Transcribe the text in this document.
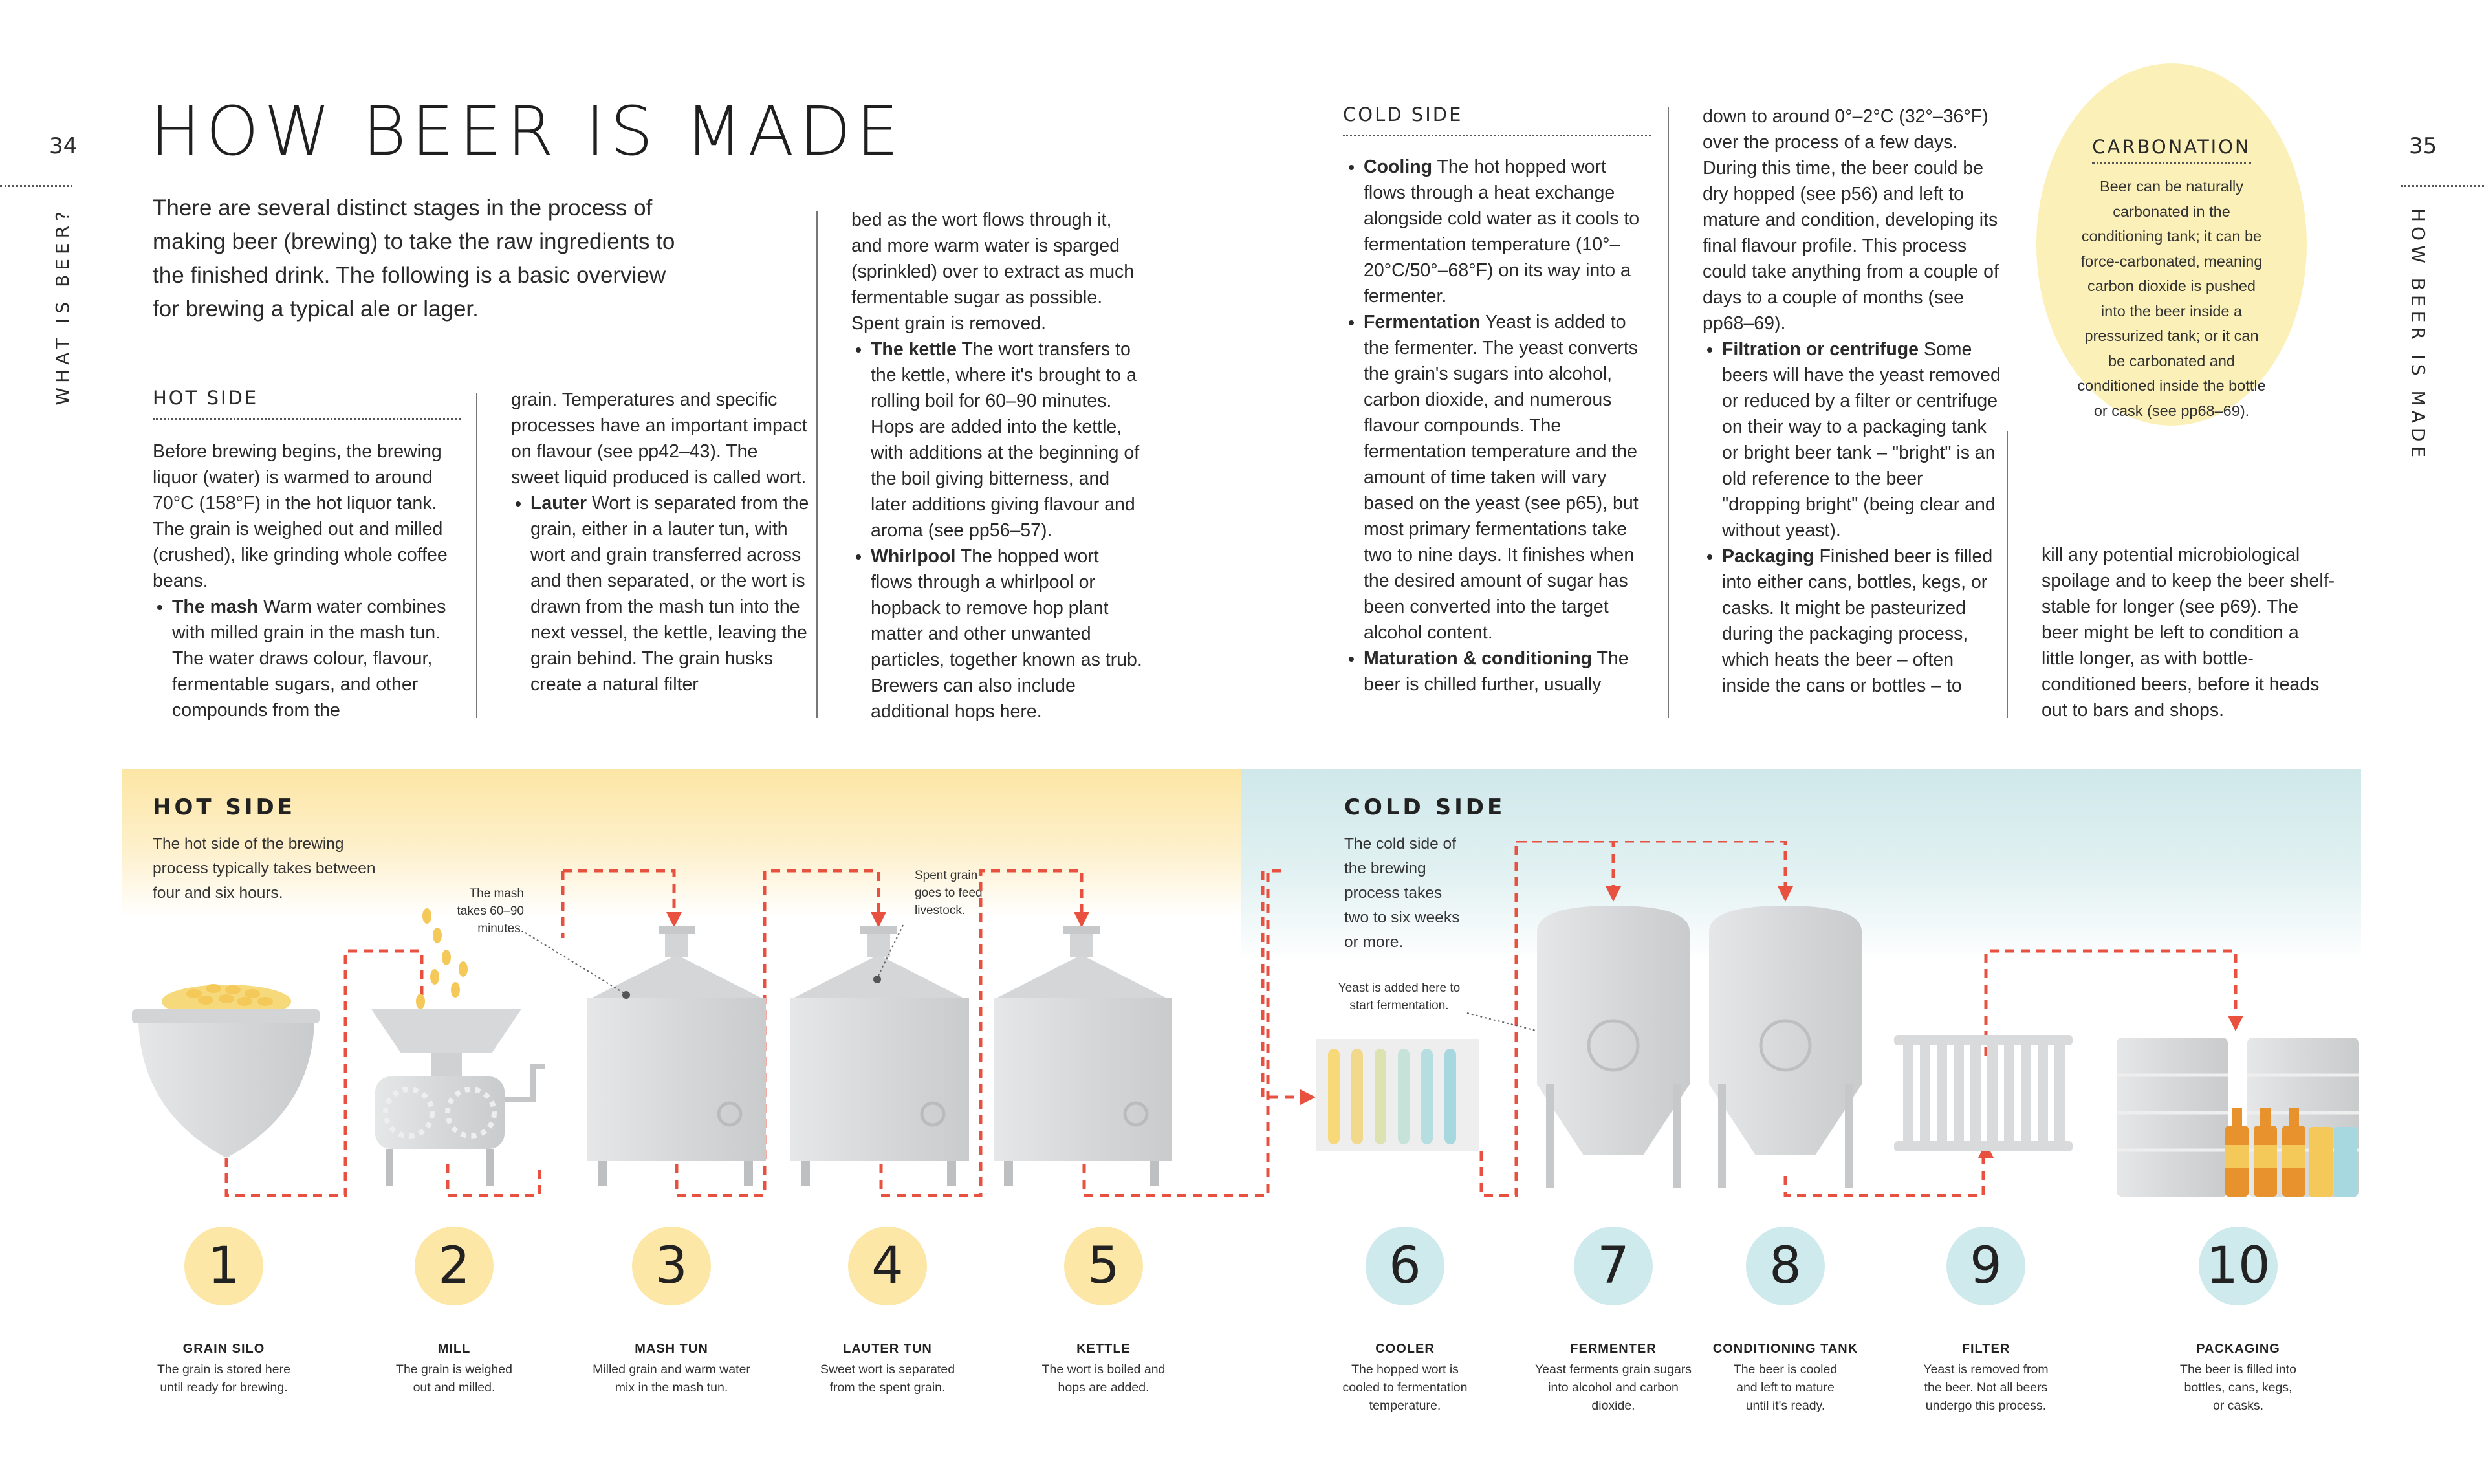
34
WHAT IS BEER?
35
HOW BEER IS MADE
HOW BEER IS MADE
There are several distinct stages in the process of making beer (brewing) to take the raw ingredients to the finished drink. The following is a basic overview for brewing a typical ale or lager.
HOT SIDE

Before brewing begins, the brewing liquor (water) is warmed to around 70°C (158°F) in the hot liquor tank. The grain is weighed out and milled (crushed), like grinding whole coffee beans.

• The mash Warm water combines with milled grain in the mash tun. The water draws colour, flavour, fermentable sugars, and other compounds from the

grain. Temperatures and specific processes have an important impact on flavour (see pp42–43). The sweet liquid produced is called wort.

• Lauter Wort is separated from the grain, either in a lauter tun, with wort and grain transferred across and then separated, or the wort is drawn from the mash tun into the next vessel, the kettle, leaving the grain behind. The grain husks create a natural filter

bed as the wort flows through it, and more warm water is sparged (sprinkled) over to extract as much fermentable sugar as possible. Spent grain is removed.

• The kettle The wort transfers to the kettle, where it's brought to a rolling boil for 60–90 minutes. Hops are added into the kettle, with additions at the beginning of the boil giving bitterness, and later additions giving flavour and aroma (see pp56–57).
• Whirlpool The hopped wort flows through a whirlpool or hopback to remove hop plant matter and other unwanted particles, together known as trub. Brewers can also include additional hops here.
COLD SIDE
• Cooling The hot hopped wort flows through a heat exchange alongside cold water as it cools to fermentation temperature (10°–20°C/50°–68°F) on its way into a fermenter.
• Fermentation Yeast is added to the fermenter. The yeast converts the grain's sugars into alcohol, carbon dioxide, and numerous flavour compounds. The fermentation temperature and the amount of time taken will vary based on the yeast (see p65), but most primary fermentations take two to nine days. It finishes when the desired amount of sugar has been converted into the target alcohol content.
• Maturation & conditioning The beer is chilled further, usually

down to around 0°–2°C (32°–36°F) over the process of a few days. During this time, the beer could be dry hopped (see p56) and left to mature and condition, developing its final flavour profile. This process could take anything from a couple of days to a couple of months (see pp68–69).

• Filtration or centrifuge Some beers will have the yeast removed or reduced by a filter or centrifuge on their way to a packaging tank or bright beer tank – "bright" is an old reference to the beer "dropping bright" (being clear and without yeast).
• Packaging Finished beer is filled into either cans, bottles, kegs, or casks. It might be pasteurized during the packaging process, which heats the beer – often inside the cans or bottles – to

kill any potential microbiological spoilage and to keep the beer shelf-stable for longer (see p69). The beer might be left to condition a little longer, as with bottle-conditioned beers, before it heads out to bars and shops.

CARBONATION
Beer can be naturally carbonated in the conditioning tank; it can be force-carbonated, meaning carbon dioxide is pushed into the beer inside a pressurized tank; or it can be carbonated and conditioned inside the bottle or cask (see pp68–69).
HOT SIDE
The hot side of the brewing process typically takes between four and six hours.
COLD SIDE
The cold side of the brewing process takes two to six weeks or more.
The mash takes 60–90 minutes.
Spent grain goes to feed livestock.
Yeast is added here to start fermentation.
1
GRAIN SILO
The grain is stored here until ready for brewing.
2
MILL
The grain is weighed out and milled.
3
MASH TUN
Milled grain and warm water mix in the mash tun.
4
LAUTER TUN
Sweet wort is separated from the spent grain.
5
KETTLE
The wort is boiled and hops are added.
6
COOLER
The hopped wort is cooled to fermentation temperature.
7
FERMENTER
Yeast ferments grain sugars into alcohol and carbon dioxide.
8
CONDITIONING TANK
The beer is cooled and left to mature until it's ready.
9
FILTER
Yeast is removed from the beer. Not all beers undergo this process.
10
PACKAGING
The beer is filled into bottles, cans, kegs, or casks.
